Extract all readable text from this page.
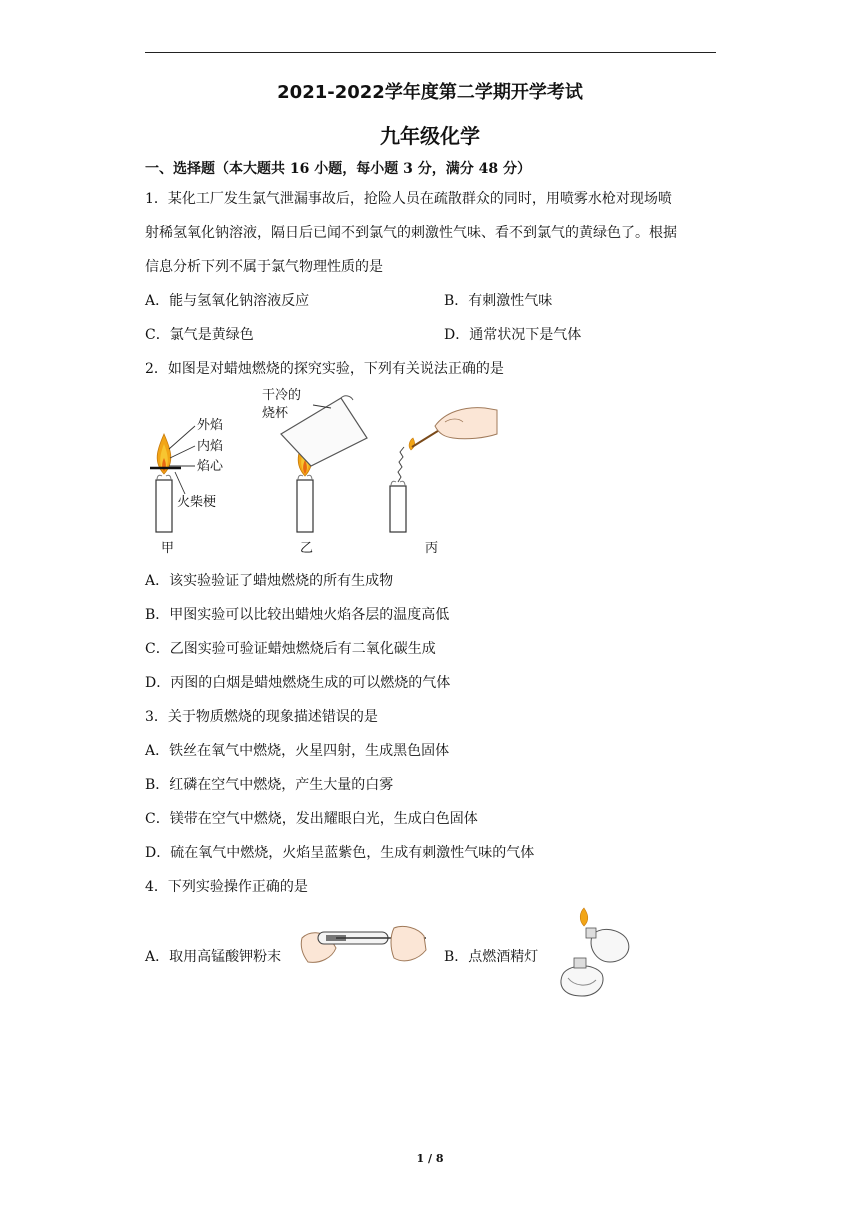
2021-2022学年度第二学期开学考试
九年级化学
一、选择题（本大题共 16 小题，每小题 3 分，满分 48 分）
1．某化工厂发生氯气泄漏事故后，抢险人员在疏散群众的同时，用喷雾水枪对现场喷
射稀氢氧化钠溶液，隔日后已闻不到氯气的刺激性气味、看不到氯气的黄绿色了。根据
信息分析下列不属于氯气物理性质的是
A．能与氢氧化钠溶液反应	B．有刺激性气味
C．氯气是黄绿色	D．通常状况下是气体
2．如图是对蜡烛燃烧的探究实验，下列有关说法正确的是
外焰
内焰
焰心
火柴梗
甲
干冷的
烧杯
乙	丙
A．该实验验证了蜡烛燃烧的所有生成物
B．甲图实验可以比较出蜡烛火焰各层的温度高低
C．乙图实验可验证蜡烛燃烧后有二氧化碳生成
D．丙图的白烟是蜡烛燃烧生成的可以燃烧的气体
3．关于物质燃烧的现象描述错误的是
A．铁丝在氧气中燃烧，火星四射，生成黑色固体
B．红磷在空气中燃烧，产生大量的白雾
C．镁带在空气中燃烧，发出耀眼白光，生成白色固体
D．硫在氧气中燃烧，火焰呈蓝紫色，生成有刺激性气味的气体
4．下列实验操作正确的是
A．取用高锰酸钾粉末	B．点燃酒精灯
1 / 8
